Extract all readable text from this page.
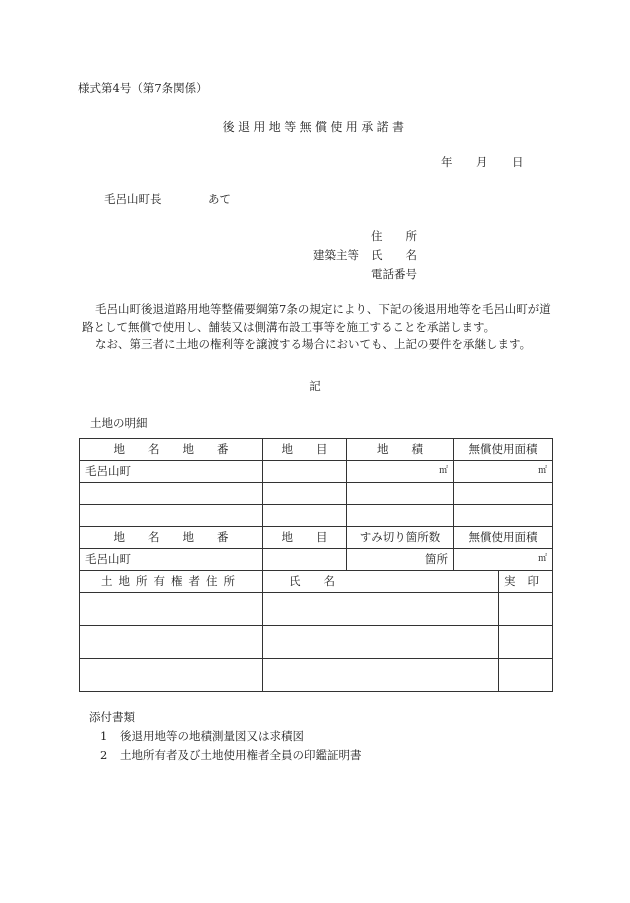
様式第4号（第7条関係）
後退用地等無償使用承諾書
年 月 日
毛呂山町長	あて
住　　所
建築主等 氏　　名
電話番号

毛呂山町後退道路用地等整備要綱第7条の規定により、下記の後退用地等を毛呂山町が道路として無償で使用し、舗装又は側溝布設工事等を施工することを承諾します。

なお、第三者に土地の権利等を譲渡する場合においても、上記の要件を承継します。

記
土地の明細
地　　名　　地　　番	地　　目	地　　積	無償使用面積	
毛呂山町		㎡	㎡	

地　　名　　地　　番	地　　目	すみ切り箇所数	無償使用面積	
毛呂山町		箇所	㎡	
土地所有権者住所	氏　　名			実印

添付書類
1 後退用地等の地積測量図又は求積図
2 土地所有者及び土地使用権者全員の印鑑証明書
